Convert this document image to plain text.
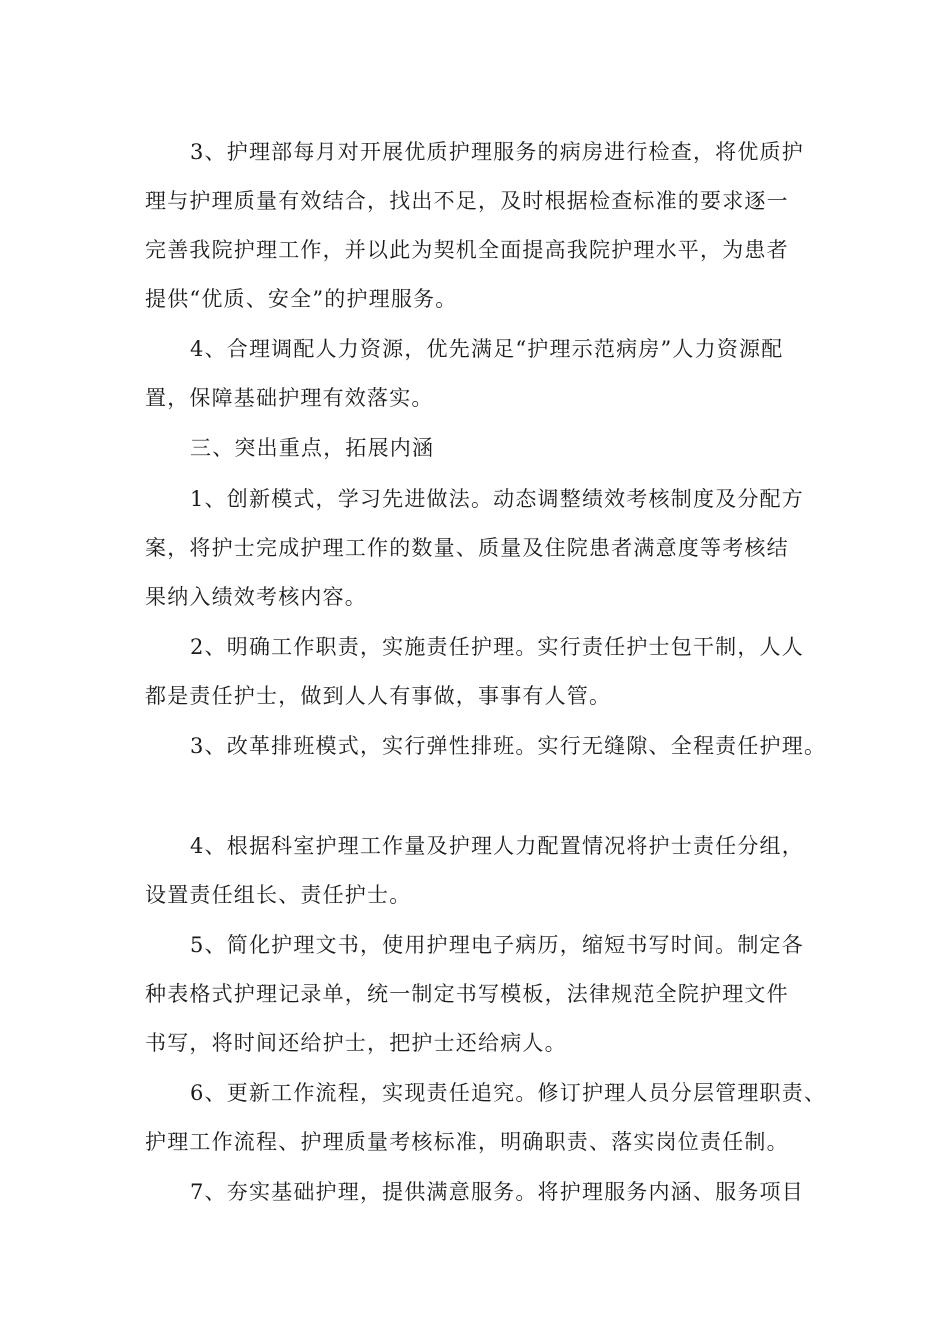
3、护理部每月对开展优质护理服务的病房进行检查，将优质护
理与护理质量有效结合，找出不足，及时根据检查标准的要求逐一
完善我院护理工作，并以此为契机全面提高我院护理水平，为患者
提供“优质、安全”的护理服务。
4、合理调配人力资源，优先满足“护理示范病房”人力资源配
置，保障基础护理有效落实。
三、突出重点，拓展内涵
1、创新模式，学习先进做法。动态调整绩效考核制度及分配方
案，将护士完成护理工作的数量、质量及住院患者满意度等考核结
果纳入绩效考核内容。
2、明确工作职责，实施责任护理。实行责任护士包干制，人人
都是责任护士，做到人人有事做，事事有人管。
3、改革排班模式，实行弹性排班。实行无缝隙、全程责任护理。
4、根据科室护理工作量及护理人力配置情况将护士责任分组，
设置责任组长、责任护士。
5、简化护理文书，使用护理电子病历，缩短书写时间。制定各
种表格式护理记录单，统一制定书写模板，法律规范全院护理文件
书写，将时间还给护士，把护士还给病人。
6、更新工作流程，实现责任追究。修订护理人员分层管理职责、
护理工作流程、护理质量考核标准，明确职责、落实岗位责任制。
7、夯实基础护理，提供满意服务。将护理服务内涵、服务项目
